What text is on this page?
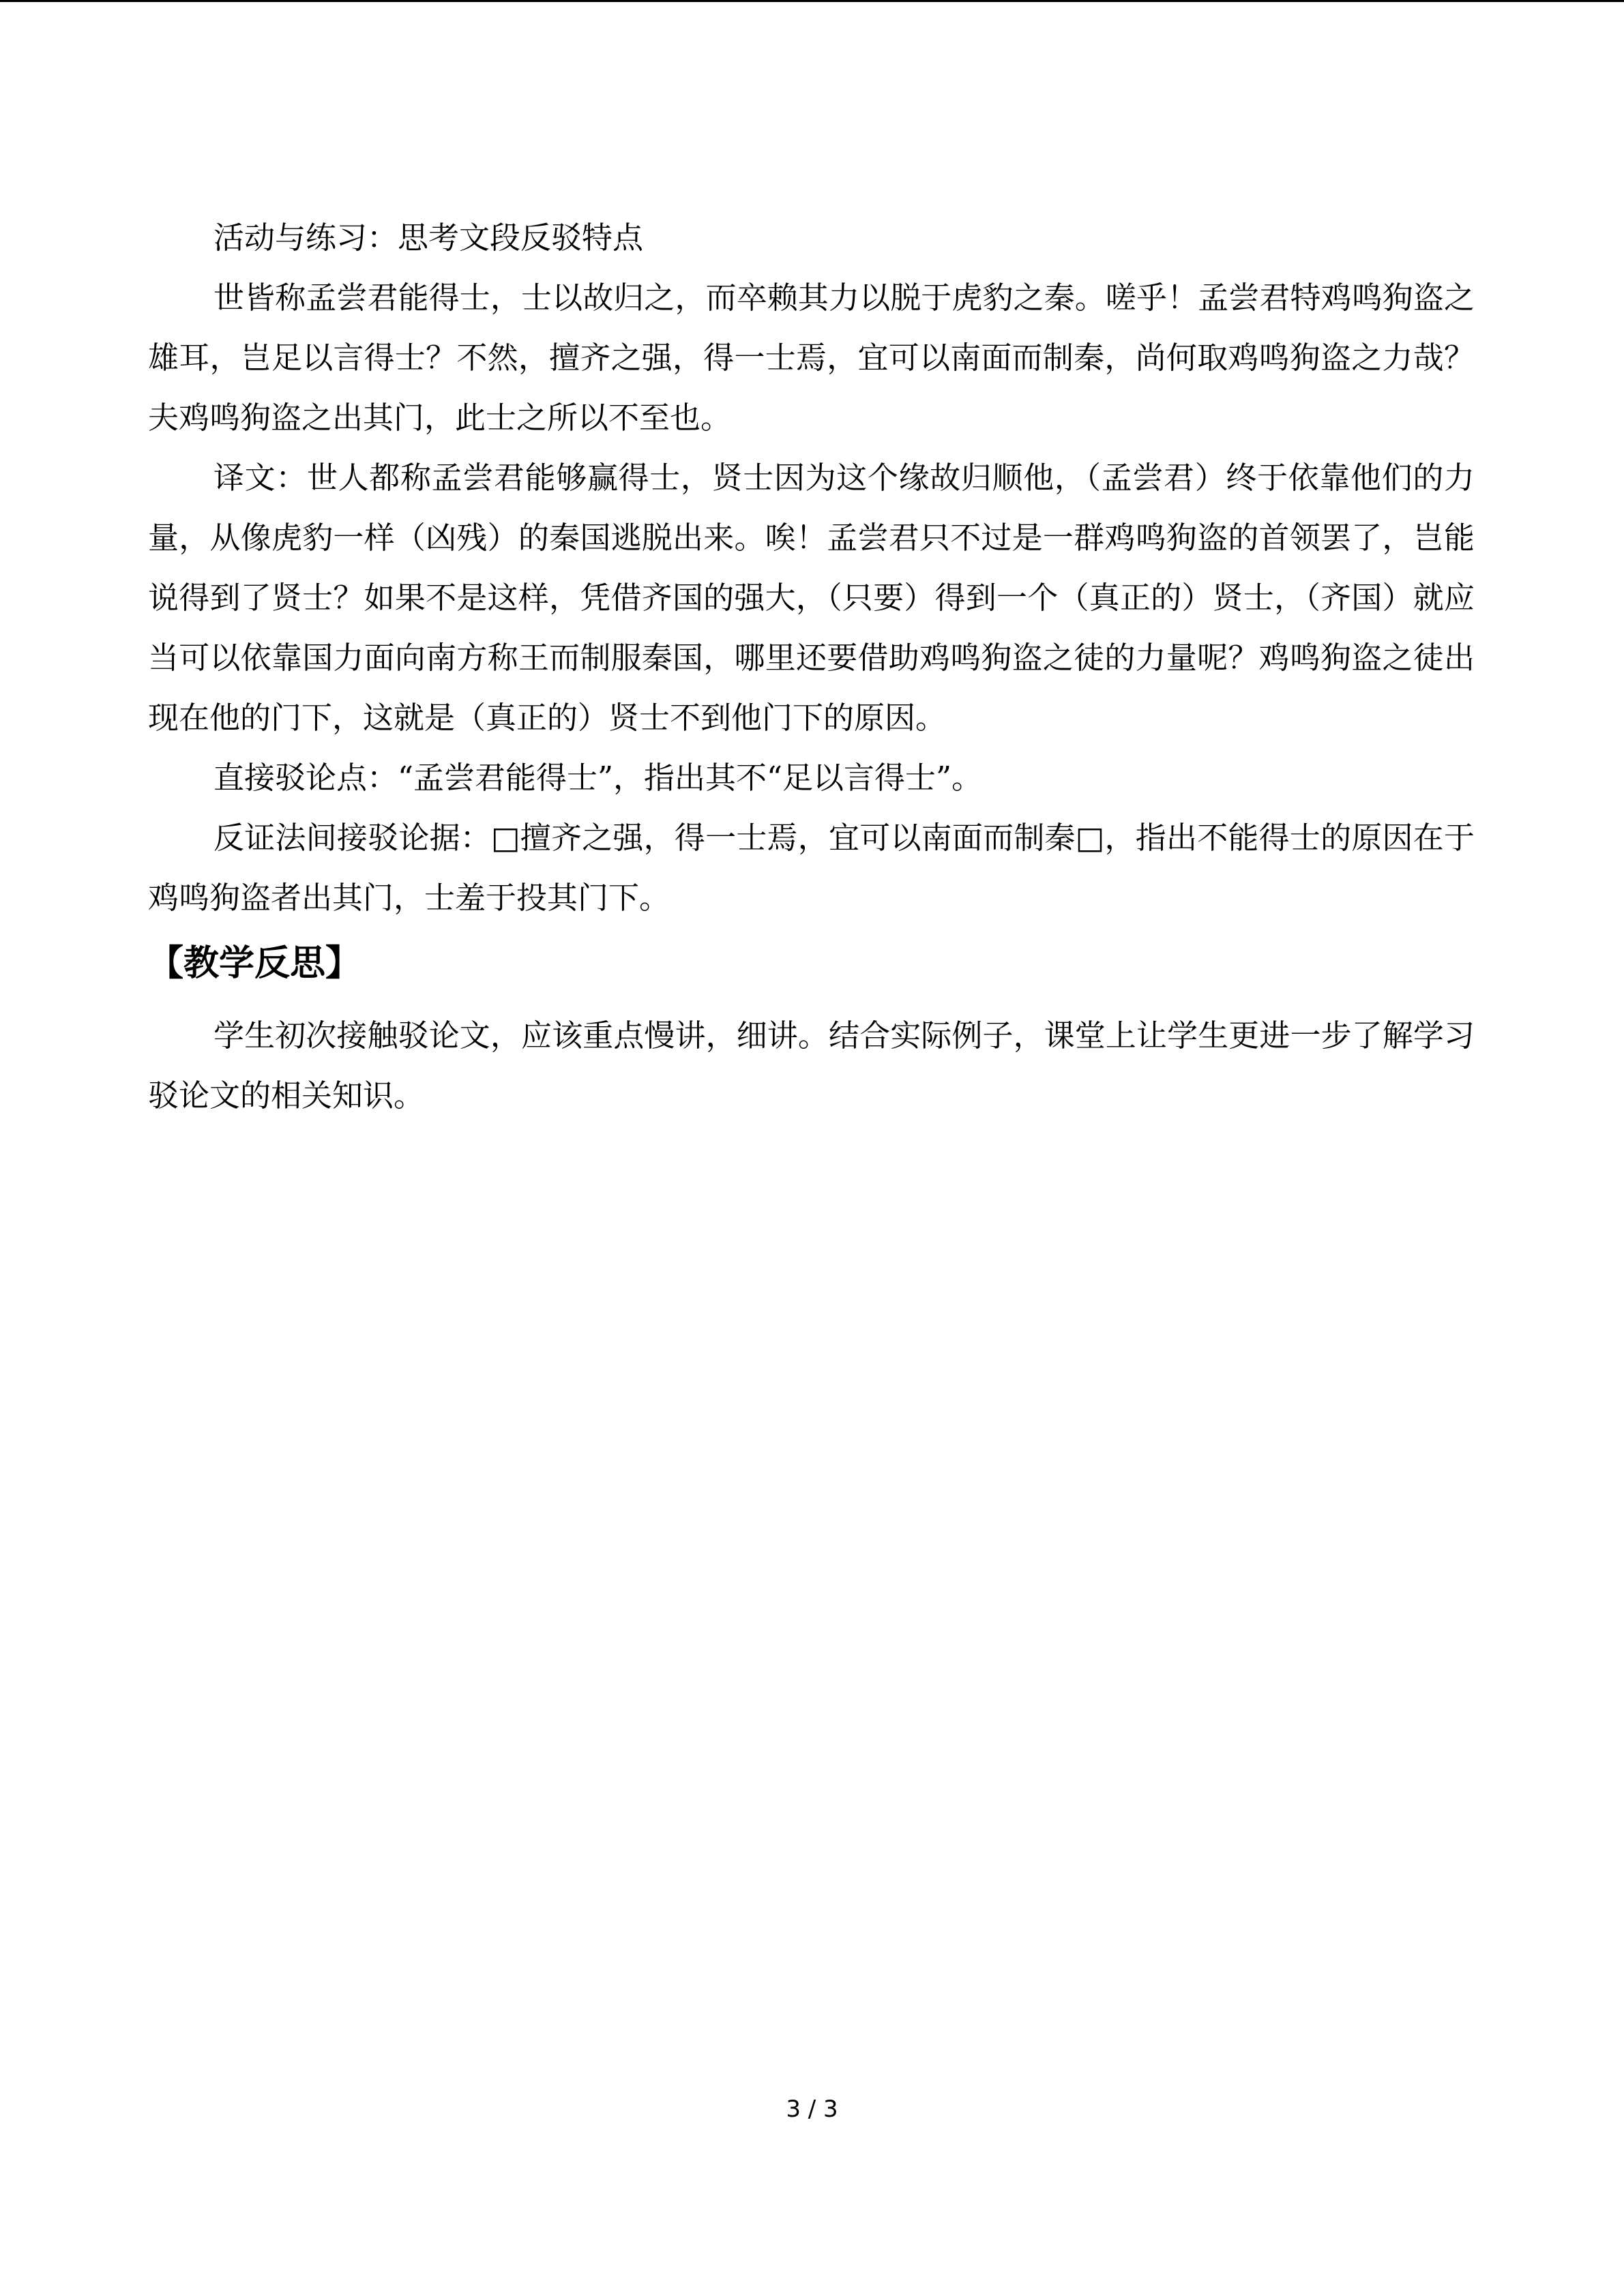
活动与练习：思考文段反驳特点

世皆称孟尝君能得士，士以故归之，而卒赖其力以脱于虎豹之秦。嗟乎！孟尝君特鸡鸣狗盗之雄耳，岂足以言得士？不然，擅齐之强，得一士焉，宜可以南面而制秦，尚何取鸡鸣狗盗之力哉？夫鸡鸣狗盗之出其门，此士之所以不至也。

译文：世人都称孟尝君能够赢得士，贤士因为这个缘故归顺他，（孟尝君）终于依靠他们的力量，从像虎豹一样（凶残）的秦国逃脱出来。唉！孟尝君只不过是一群鸡鸣狗盗的首领罢了，岂能说得到了贤士？如果不是这样，凭借齐国的强大，（只要）得到一个（真正的）贤士，（齐国）就应当可以依靠国力面向南方称王而制服秦国，哪里还要借助鸡鸣狗盗之徒的力量呢？鸡鸣狗盗之徒出现在他的门下，这就是（真正的）贤士不到他门下的原因。

直接驳论点：“孟尝君能得士”，指出其不“足以言得士”。

反证法间接驳论据：□擅齐之强，得一士焉，宜可以南面而制秦□，指出不能得士的原因在于鸡鸣狗盗者出其门，士羞于投其门下。

【教学反思】

学生初次接触驳论文，应该重点慢讲，细讲。结合实际例子，课堂上让学生更进一步了解学习驳论文的相关知识。

3 / 3
